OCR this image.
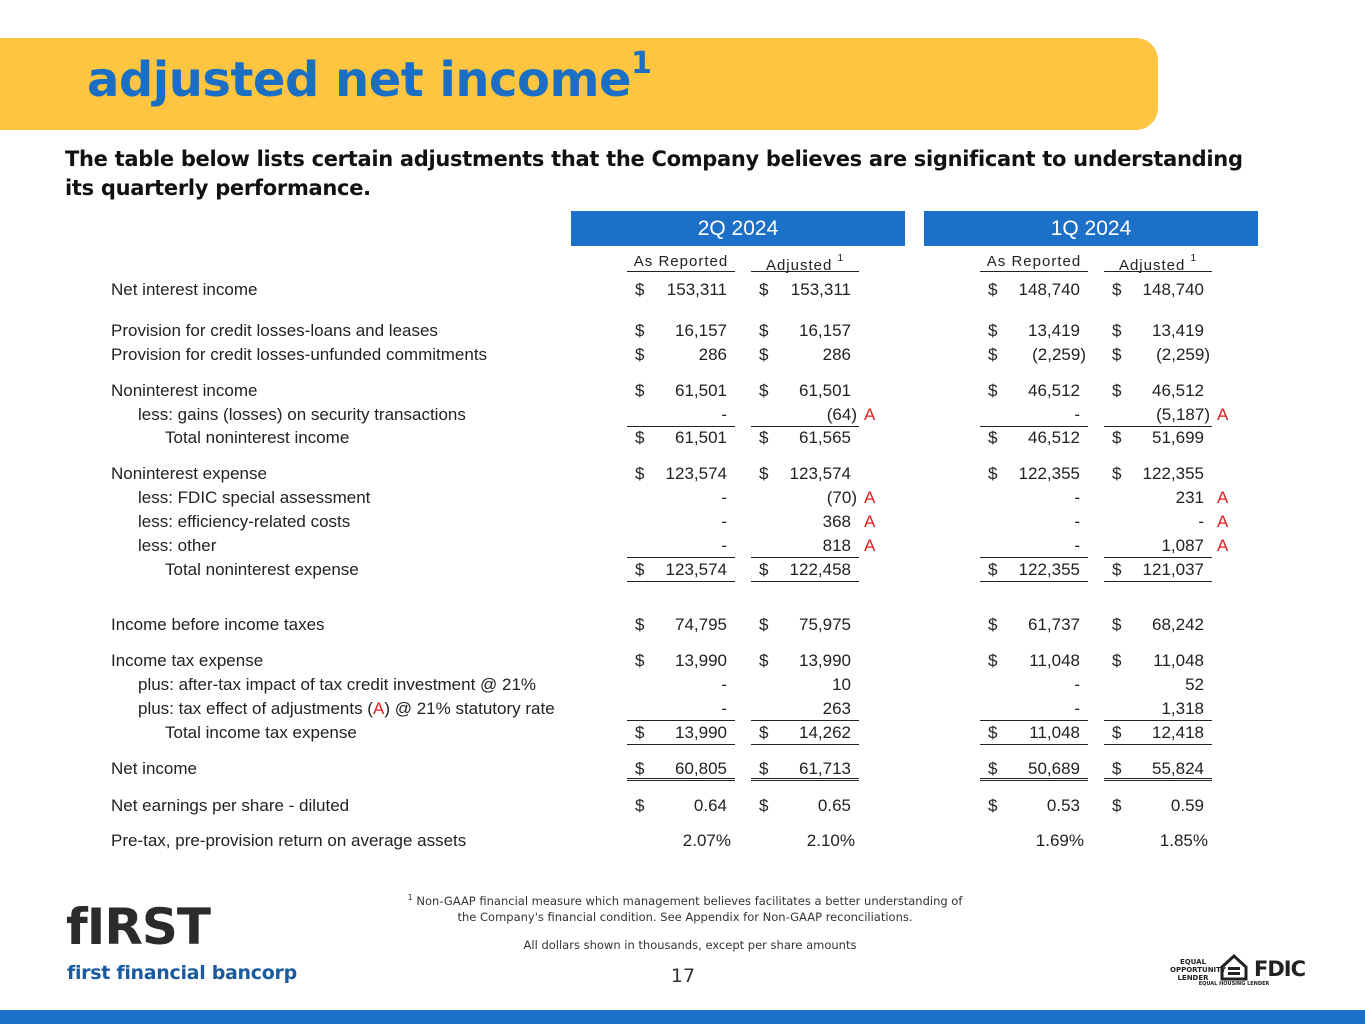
adjusted net income$^1$
The table below lists certain adjustments that the Company believes are significant to understanding its quarterly performance.
2Q 2024	1Q 2024
As Reported	Adjusted $^1$	As Reported	Adjusted $^1$
Net interest income	$ 153,311 $ 153,311	$ 148,740 $ 148,740
Provision for credit losses-loans and leases	$ 16,157 $ 16,157	$ 13,419 $ 13,419
Provision for credit losses-unfunded commitments	$	286 $	286	$ (2,259) $ (2,259)
Noninterest income	$ 61,501 $ 61,501	$ 46,512 $ 46,512
less: gains (losses) on security transactions	-	(64) A	-	(5,187) A
Total noninterest income	$ 61,501 $ 61,565	$ 46,512 $ 51,699
Noninterest expense	$ 123,574 $ 123,574	$ 122,355 $ 122,355
less: FDIC special assessment	-	(70) A	-	231 A
less: efficiency-related costs	-	368 A	-	- A
less: other	-	818 A	-	1,087 A
Total noninterest expense	$ 123,574 $ 122,458	$ 122,355 $ 121,037
Income before income taxes	$ 74,795 $ 75,975	$ 61,737 $ 68,242
Income tax expense	$ 13,990 $ 13,990	$ 11,048 $ 11,048
plus: after-tax impact of tax credit investment @ 21%	-	10	-	52
plus: tax effect of adjustments (A) @ 21% statutory rate	-	263	-	1,318
Total income tax expense	$ 13,990 $ 14,262	$ 11,048 $ 12,418
Net income	$ 60,805 $ 61,713	$ 50,689 $ 55,824
Net earnings per share - diluted	$	0.64 $	0.65	$	0.53 $	0.59
Pre-tax, pre-provision return on average assets	2.07%	2.10%	1.69%	1.85%
$^1$ Non-GAAP financial measure which management believes facilitates a better understanding of
the Company's financial condition. See Appendix for Non-GAAP reconciliations.
All dollars shown in thousands, except per share amounts
17
fIRST
first financial bancorp	EQUAL OPPORTUNITY LENDER
EQUAL HOUSING LENDER
FDIC
